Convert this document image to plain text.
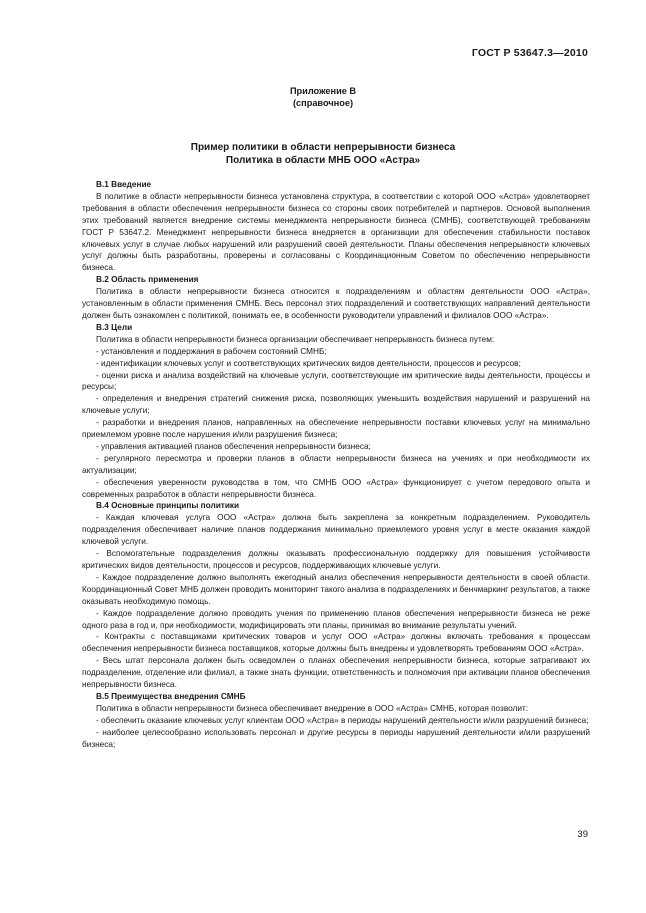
ГОСТ Р 53647.3—2010
Приложение В
(справочное)
Пример политики в области непрерывности бизнеса
Политика в области МНБ ООО «Астра»

В.1 Введение

В политике в области непрерывности бизнеса установлена структура, в соответствии с которой ООО «Астра» удовлетворяет требования в области обеспечения непрерывности бизнеса со стороны своих потребителей и партнеров. Основой выполнения этих требований является внедрение системы менеджмента непрерывности бизнеса (СМНБ), соответствующей требованиям ГОСТ Р 53647.2. Менеджмент непрерывности бизнеса внедряется в организации для обеспечения стабильности поставок ключевых услуг в случае любых нарушений или разрушений своей деятельности. Планы обеспечения непрерывности ключевых услуг должны быть разработаны, проверены и согласованы с Координационным Советом по обеспечению непрерывности бизнеса.

В.2 Область применения

Политика в области непрерывности бизнеса относится к подразделениям и областям деятельности ООО «Астра», установленным в области применения СМНБ. Весь персонал этих подразделений и соответствующих направлений деятельности должен быть ознакомлен с политикой, понимать ее, в особенности руководители управлений и филиалов ООО «Астра».

В.3 Цели

Политика в области непрерывности бизнеса организации обеспечивает непрерывность бизнеса путем:

- установления и поддержания в рабочем состояний СМНБ;

- идентификации ключевых услуг и соответствующих критических видов деятельности, процессов и ресурсов;

- оценки риска и анализа воздействий на ключевые услуги, соответствующие им критические виды деятельности, процессы и ресурсы;

- определения и внедрения стратегий снижения риска, позволяющих уменьшить воздействия нарушений и разрушений на ключевые услуги;

- разработки и внедрения планов, направленных на обеспечение непрерывности поставки ключевых услуг на минимально приемлемом уровне после нарушения и/или разрушения бизнеса;

- управления активацией планов обеспечения непрерывности бизнеса;

- регулярного пересмотра и проверки планов в области непрерывности бизнеса на учениях и при необходимости их актуализации;

- обеспечения уверенности руководства в том, что СМНБ ООО «Астра» функционирует с учетом передового опыта и современных разработок в области непрерывности бизнеса.

В.4 Основные принципы политики

- Каждая ключевая услуга ООО «Астра» должна быть закреплена за конкретным подразделением. Руководитель подразделения обеспечивает наличие планов поддержания минимально приемлемого уровня услуг в месте оказания каждой ключевой услуги.

- Вспомогательные подразделения должны оказывать профессиональную поддержку для повышения устойчивости критических видов деятельности, процессов и ресурсов, поддерживающих ключевые услуги.

- Каждое подразделение должно выполнять ежегодный анализ обеспечения непрерывности деятельности в своей области. Координационный Совет МНБ должен проводить мониторинг такого анализа в подразделениях и бенчмаркинг результатов, а также оказывать необходимую помощь.

- Каждое подразделение должно проводить учения по применению планов обеспечения непрерывности бизнеса не реже одного раза в год и, при необходимости, модифицировать эти планы, принимая во внимание результаты учений.

- Контракты с поставщиками критических товаров и услуг ООО «Астра» должны включать требования к процессам обеспечения непрерывности бизнеса поставщиков, которые должны быть внедрены и удовлетворять требованиям ООО «Астра».

- Весь штат персонала должен быть осведомлен о планах обеспечения непрерывности бизнеса, которые затрагивают их подразделение, отделение или филиал, а также знать функции, ответственность и полномочия при активации планов обеспечения непрерывности бизнеса.

В.5 Преимущества внедрения СМНБ

Политика в области непрерывности бизнеса обеспечивает внедрение в ООО «Астра» СМНБ, которая позволит:

- обеспечить оказание ключевых услуг клиентам ООО «Астра» в периоды нарушений деятельности и/или разрушений бизнеса;

- наиболее целесообразно использовать персонал и другие ресурсы в периоды нарушений деятельности и/или разрушений бизнеса;

39
